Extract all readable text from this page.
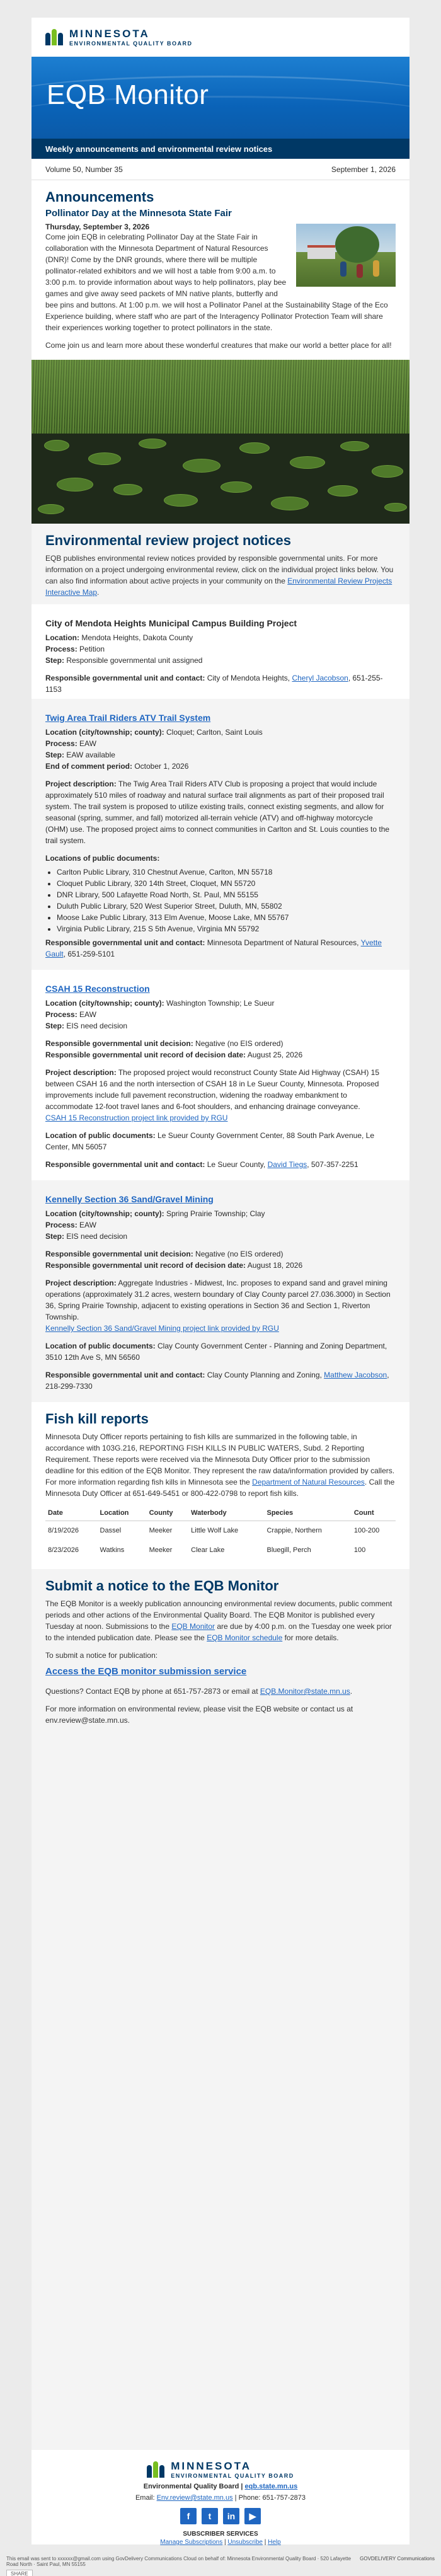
MINNESOTA
ENVIRONMENTAL QUALITY BOARD
EQB Monitor
Weekly announcements and environmental review notices
Volume 50, Number 35	September 1, 2026
Announcements
Pollinator Day at the Minnesota State Fair
Thursday, September 3, 2026

Come join EQB in celebrating Pollinator Day at the State Fair in collaboration with the Minnesota Department of Natural Resources (DNR)! Come by the DNR grounds, where there will be multiple pollinator-related exhibitors and we will host a table from 9:00 a.m. to 3:00 p.m. to provide information about ways to help pollinators, play bee games and give away seed packets of MN native plants, butterfly and bee pins and buttons. At 1:00 p.m. we will host a Pollinator Panel at the Sustainability Stage of the Eco Experience building, where staff who are part of the Interagency Pollinator Protection Team will share their experiences working together to protect pollinators in the state.

Come join us and learn more about these wonderful creatures that make our world a better place for all!

Environmental review project notices

EQB publishes environmental review notices provided by responsible governmental units. For more information on a project undergoing environmental review, click on the individual project links below. You can also find information about active projects in your community on the Environmental Review Projects Interactive Map.

City of Mendota Heights Municipal Campus Building Project
Location: Mendota Heights, Dakota County
Process: Petition
Step: Responsible governmental unit assigned
Responsible governmental unit and contact: City of Mendota Heights, Cheryl Jacobson, 651-255-1153
Twig Area Trail Riders ATV Trail System
Location (city/township; county): Cloquet; Carlton, Saint Louis
Process: EAW
Step: EAW available
End of comment period: October 1, 2026
Project description: The Twig Area Trail Riders ATV Club is proposing a project that would include approximately 510 miles of roadway and natural surface trail alignments as part of their proposed trail system. The trail system is proposed to utilize existing trails, connect existing segments, and allow for seasonal (spring, summer, and fall) motorized all-terrain vehicle (ATV) and off-highway motorcycle (OHM) use. The proposed project aims to connect communities in Carlton and St. Louis counties to the trail system.
Locations of public documents:
• Carlton Public Library, 310 Chestnut Avenue, Carlton, MN 55718
• Cloquet Public Library, 320 14th Street, Cloquet, MN 55720
• DNR Library, 500 Lafayette Road North, St. Paul, MN 55155
• Duluth Public Library, 520 West Superior Street, Duluth, MN, 55802
• Moose Lake Public Library, 313 Elm Avenue, Moose Lake, MN 55767
• Virginia Public Library, 215 S 5th Avenue, Virginia MN 55792
Responsible governmental unit and contact: Minnesota Department of Natural Resources, Yvette Gault, 651-259-5101
CSAH 15 Reconstruction
Location (city/township; county): Washington Township; Le Sueur
Process: EAW
Step: EIS need decision
Responsible governmental unit decision: Negative (no EIS ordered)
Responsible governmental unit record of decision date: August 25, 2026
Project description: The proposed project would reconstruct County State Aid Highway (CSAH) 15 between CSAH 16 and the north intersection of CSAH 18 in Le Sueur County, Minnesota. Proposed improvements include full pavement reconstruction, widening the roadway embankment to accommodate 12-foot travel lanes and 6-foot shoulders, and enhancing drainage conveyance.
CSAH 15 Reconstruction project link provided by RGU
Location of public documents: Le Sueur County Government Center, 88 South Park Avenue, Le Center, MN 56057
Responsible governmental unit and contact: Le Sueur County, David Tiegs, 507-357-2251
Kennelly Section 36 Sand/Gravel Mining
Location (city/township; county): Spring Prairie Township; Clay
Process: EAW
Step: EIS need decision
Responsible governmental unit decision: Negative (no EIS ordered)
Responsible governmental unit record of decision date: August 18, 2026
Project description: Aggregate Industries - Midwest, Inc. proposes to expand sand and gravel mining operations (approximately 31.2 acres, western boundary of Clay County parcel 27.036.3000) in Section 36, Spring Prairie Township, adjacent to existing operations in Section 36 and Section 1, Riverton Township.
Kennelly Section 36 Sand/Gravel Mining project link provided by RGU
Location of public documents: Clay County Government Center - Planning and Zoning Department, 3510 12th Ave S, MN 56560
Responsible governmental unit and contact: Clay County Planning and Zoning, Matthew Jacobson, 218-299-7330
Fish kill reports

Minnesota Duty Officer reports pertaining to fish kills are summarized in the following table, in accordance with 103G.216, REPORTING FISH KILLS IN PUBLIC WATERS, Subd. 2 Reporting Requirement. These reports were received via the Minnesota Duty Officer prior to the submission deadline for this edition of the EQB Monitor. They represent the raw data/information provided by callers. For more information regarding fish kills in Minnesota see the Department of Natural Resources. Call the Minnesota Duty Officer at 651-649-5451 or 800-422-0798 to report fish kills.

Date	Location	County	Waterbody	Species	Count
8/19/2026	Dassel	Meeker	Little Wolf Lake	Crappie, Northern	100-200
8/23/2026	Watkins	Meeker	Clear Lake	Bluegill, Perch	100
Submit a notice to the EQB Monitor

The EQB Monitor is a weekly publication announcing environmental review documents, public comment periods and other actions of the Environmental Quality Board. The EQB Monitor is published every Tuesday at noon. Submissions to the EQB Monitor are due by 4:00 p.m. on the Tuesday one week prior to the intended publication date. Please see the EQB Monitor schedule for more details.

To submit a notice for publication:

Access the EQB monitor submission service

Questions? Contact EQB by phone at 651-757-2873 or email at EQB.Monitor@state.mn.us.

For more information on environmental review, please visit the EQB website or contact us at env.review@state.mn.us.

MINNESOTA
ENVIRONMENTAL QUALITY BOARD
Environmental Quality Board | eqb.state.mn.us
Email: Env.review@state.mn.us | Phone: 651-757-2873
f	t	in	▶
SUBSCRIBER SERVICES
Manage Subscriptions | Unsubscribe | Help
This email was sent to xxxxxx@gmail.com using GovDelivery Communications Cloud on behalf of: Minnesota Environmental Quality Board · 520 Lafayette Road North · Saint Paul, MN 55155
SHARE
GOVDELIVERY Communications
